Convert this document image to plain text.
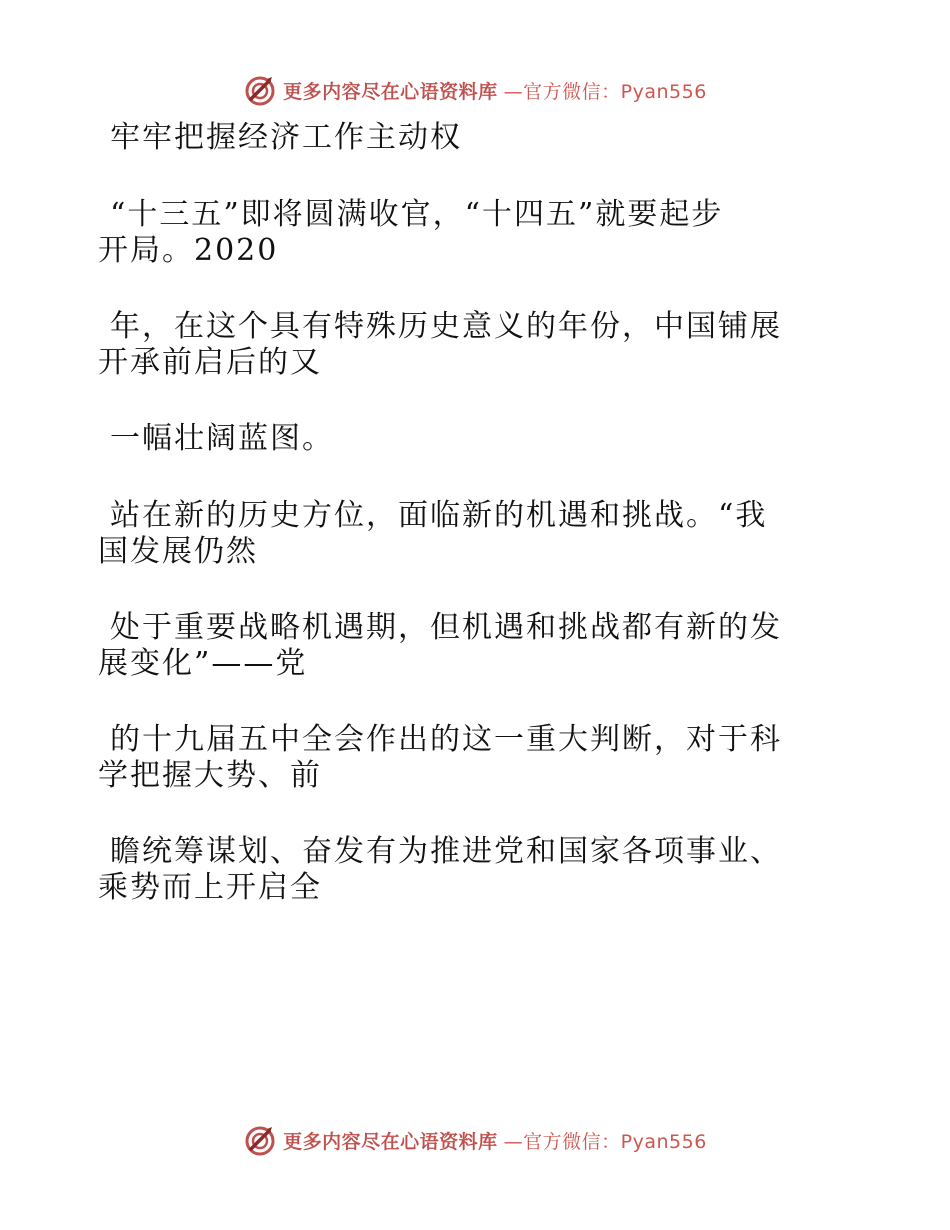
更多内容尽在心语资料库 —官方微信：Pyan556

牢牢把握经济工作主动权

“十三五”即将圆满收官，“十四五”就要起步

开局。2020

年，在这个具有特殊历史意义的年份，中国铺展

开承前启后的又

一幅壮阔蓝图。

站在新的历史方位，面临新的机遇和挑战。“我

国发展仍然

处于重要战略机遇期，但机遇和挑战都有新的发

展变化”——党

的十九届五中全会作出的这一重大判断，对于科

学把握大势、前

瞻统筹谋划、奋发有为推进党和国家各项事业、

乘势而上开启全

更多内容尽在心语资料库 —官方微信：Pyan556
